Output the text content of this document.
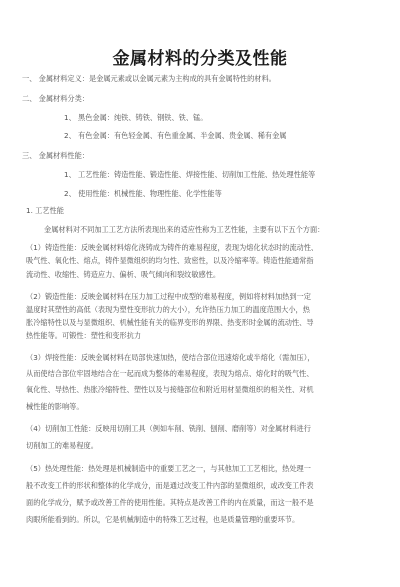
金属材料的分类及性能
一、 金属材料定义：是金属元素或以金属元素为主构成的具有金属特性的材料。
二、 金属材料分类：
1、 黑色金属：纯铁、铸铁、钢铁、铁、锰。
2、 有色金属：有色轻金属、有色重金属、半金属、贵金属、稀有金属
三、 金属材料性能：
1、 工艺性能：铸造性能、锻造性能、焊接性能、切削加工性能、热处理性能等
2、 使用性能：机械性能、物理性能、化学性能等
1. 工艺性能
金属材料对不同加工工艺方法所表现出来的适应性称为工艺性能，主要有以下五个方面：
（1）铸造性能：反映金属材料熔化浇铸成为铸件的难易程度，表现为熔化状态时的流动性、
吸气性、氧化性、熔点，铸件显微组织的均匀性、致密性，以及冷缩率等。铸造性能通常指
流动性、收缩性、铸造应力、偏析、吸气倾向和裂纹敏感性。
（2）锻造性能：反映金属材料在压力加工过程中成型的难易程度，例如将材料加热到一定
温度时其塑性的高低（表现为塑性变形抗力的大小），允许热压力加工的温度范围大小，热
胀冷缩特性以及与显微组织、机械性能有关的临界变形的界限、热变形时金属的流动性、导
热性能等。可锻性：塑性和变形抗力
（3）焊接性能：反映金属材料在局部快速加热，使结合部位迅速熔化或半熔化（需加压），
从而使结合部位牢固地结合在一起而成为整体的难易程度，表现为熔点、熔化时的吸气性、
氧化性、导热性、热胀冷缩特性、塑性以及与接缝部位和附近用材显微组织的相关性、对机
械性能的影响等。
（4）切削加工性能：反映用切削工具（例如车削、铣削、刨削、磨削等）对金属材料进行
切削加工的难易程度。
（5）热处理性能：热处理是机械制造中的重要工艺之一，与其他加工工艺相比，热处理一
般不改变工件的形状和整体的化学成分，而是通过改变工件内部的显微组织，或改变工件表
面的化学成分，赋予或改善工件的使用性能。其特点是改善工件的内在质量，而这一般不是
肉眼所能看到的。所以，它是机械制造中的特殊工艺过程，也是质量管理的重要环节。
